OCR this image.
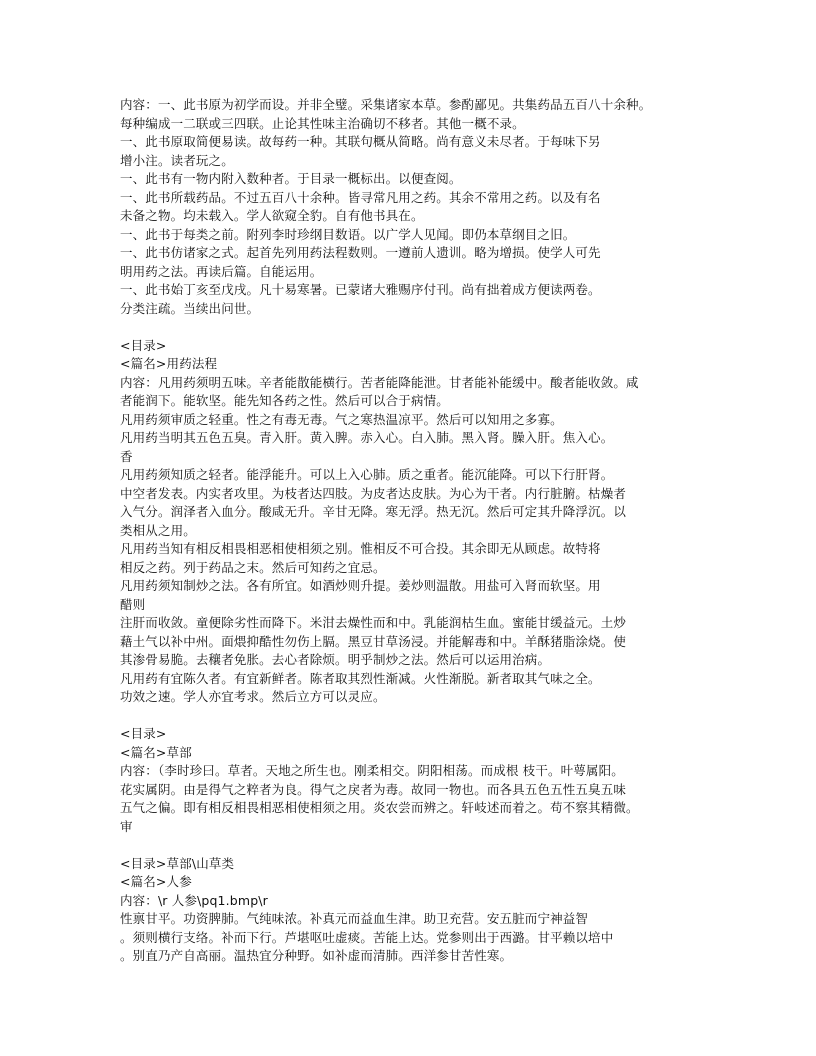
内容：一、此书原为初学而设。并非全璧。采集诸家本草。参酌鄙见。共集药品五百八十余种。
每种编成一二联或三四联。止论其性味主治确切不移者。其他一概不录。
一、此书原取简便易读。故每药一种。其联句概从简略。尚有意义未尽者。于每味下另
增小注。读者玩之。
一、此书有一物内附入数种者。于目录一概标出。以便查阅。
一、此书所载药品。不过五百八十余种。皆寻常凡用之药。其余不常用之药。以及有名
未备之物。均未载入。学人欲窥全豹。自有他书具在。
一、此书于每类之前。附列李时珍纲目数语。以广学人见闻。即仍本草纲目之旧。
一、此书仿诸家之式。起首先列用药法程数则。一遵前人遗训。略为增损。使学人可先
明用药之法。再读后篇。自能运用。
一、此书始丁亥至戊戌。凡十易寒暑。已蒙诸大雅赐序付刊。尚有拙着成方便读两卷。
分类注疏。当续出问世。
<目录>
<篇名>用药法程
内容：凡用药须明五味。辛者能散能横行。苦者能降能泄。甘者能补能缓中。酸者能收敛。咸
者能润下。能软坚。能先知各药之性。然后可以合于病情。
凡用药须审质之轻重。性之有毒无毒。气之寒热温凉平。然后可以知用之多寡。
凡用药当明其五色五臭。青入肝。黄入脾。赤入心。白入肺。黑入肾。臊入肝。焦入心。
香
凡用药须知质之轻者。能浮能升。可以上入心肺。质之重者。能沉能降。可以下行肝肾。
中空者发表。内实者攻里。为枝者达四肢。为皮者达皮肤。为心为干者。内行脏腑。枯燥者
入气分。润泽者入血分。酸咸无升。辛甘无降。寒无浮。热无沉。然后可定其升降浮沉。以
类相从之用。
凡用药当知有相反相畏相恶相使相须之别。惟相反不可合投。其余即无从顾虑。故特将
相反之药。列于药品之末。然后可知药之宜忌。
凡用药须知制炒之法。各有所宜。如酒炒则升提。姜炒则温散。用盐可入肾而软坚。用
醋则
注肝而收敛。童便除劣性而降下。米泔去燥性而和中。乳能润枯生血。蜜能甘缓益元。土炒
藉土气以补中州。面煨抑酷性勿伤上膈。黑豆甘草汤浸。并能解毒和中。羊酥猪脂涂烧。使
其渗骨易脆。去穰者免胀。去心者除烦。明乎制炒之法。然后可以运用治病。
凡用药有宜陈久者。有宜新鲜者。陈者取其烈性渐减。火性渐脱。新者取其气味之全。
功效之速。学人亦宜考求。然后立方可以灵应。
<目录>
<篇名>草部
内容：（李时珍曰。草者。天地之所生也。刚柔相交。阴阳相荡。而成根 枝干。叶萼属阳。
花实属阴。由是得气之粹者为良。得气之戾者为毒。故同一物也。而各具五色五性五臭五味
五气之偏。即有相反相畏相恶相使相须之用。炎农尝而辨之。轩岐述而着之。苟不察其精微。
审
<目录>草部\山草类
<篇名>人参
内容：\r 人参\pq1.bmp\r
性禀甘平。功资脾肺。气纯味浓。补真元而益血生津。助卫充营。安五脏而宁神益智
。须则横行支络。补而下行。芦堪呕吐虚痰。苦能上达。党参则出于西潞。甘平赖以培中
。别直乃产自高丽。温热宜分种野。如补虚而清肺。西洋参甘苦性寒。
